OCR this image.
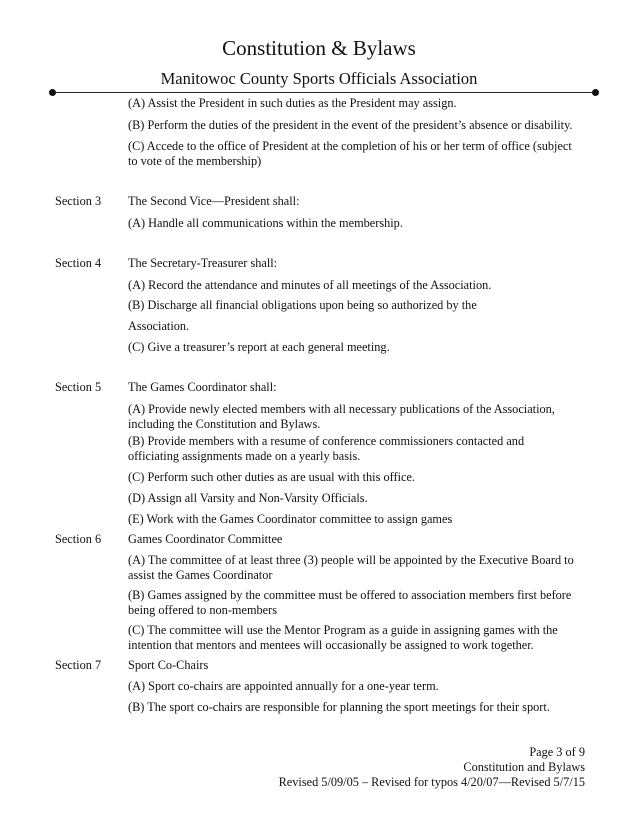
Constitution & Bylaws
Manitowoc County Sports Officials Association
(A) Assist the President in such duties as the President may assign.
(B) Perform the duties of the president in the event of the president’s absence or disability.
(C) Accede to the office of President at the completion of his or her term of office (subject
to vote of the membership)
Section 3 The Second Vice—President shall:
(A) Handle all communications within the membership.
Section 4 The Secretary-Treasurer shall:
(A) Record the attendance and minutes of all meetings of the Association.
(B) Discharge all financial obligations upon being so authorized by the
Association.
(C) Give a treasurer’s report at each general meeting.
Section 5 The Games Coordinator shall:
(A) Provide newly elected members with all necessary publications of the Association,
including the Constitution and Bylaws.
(B) Provide members with a resume of conference commissioners contacted and
officiating assignments made on a yearly basis.
(C) Perform such other duties as are usual with this office.
(D) Assign all Varsity and Non-Varsity Officials.
(E) Work with the Games Coordinator committee to assign games
Section 6 Games Coordinator Committee
(A) The committee of at least three (3) people will be appointed by the Executive Board to
assist the Games Coordinator
(B) Games assigned by the committee must be offered to association members first before
being offered to non-members
(C) The committee will use the Mentor Program as a guide in assigning games with the
intention that mentors and mentees will occasionally be assigned to work together.
Section 7 Sport Co-Chairs
(A) Sport co-chairs are appointed annually for a one-year term.
(B) The sport co-chairs are responsible for planning the sport meetings for their sport.
Page 3 of 9
Constitution and Bylaws
Revised 5/09/05 – Revised for typos 4/20/07—Revised 5/7/15
